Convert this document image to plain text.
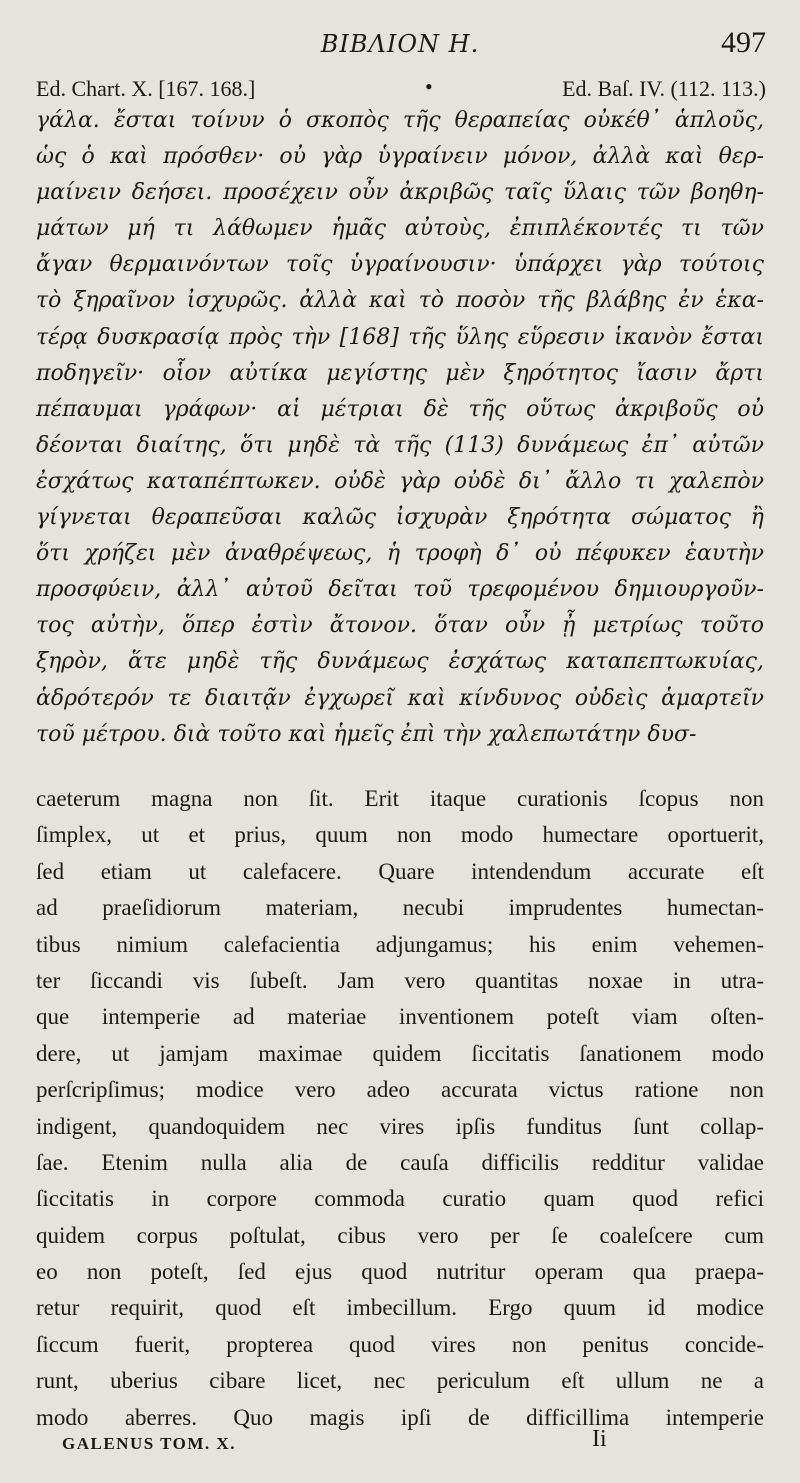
BIBΛΙΟΝ Η.	497
Ed. Chart. X. [167. 168.]	•	Ed. Baſ. IV. (112. 113.)
γάλα. ἔσται τοίνυν ὁ σκοπὸς τῆς θεραπείας οὐκέθ᾽ ἁπλοῦς,
ὡς ὁ καὶ πρόσθεν· οὐ γὰρ ὑγραίνειν μόνον, ἀλλὰ καὶ θερ-
μαίνειν δεήσει. προσέχειν οὖν ἀκριβῶς ταῖς ὕλαις τῶν βοηθη-
μάτων μή τι λάθωμεν ἡμᾶς αὐτοὺς, ἐπιπλέκοντές τι τῶν
ἄγαν θερμαινόντων τοῖς ὑγραίνουσιν· ὑπάρχει γὰρ τούτοις
τὸ ξηραῖνον ἰσχυρῶς. ἀλλὰ καὶ τὸ ποσὸν τῆς βλάβης ἐν ἑκα-
τέρᾳ δυσκρασίᾳ πρὸς τὴν [168] τῆς ὕλης εὕρεσιν ἱκανὸν ἔσται
ποδηγεῖν· οἷον αὐτίκα μεγίστης μὲν ξηρότητος ἴασιν ἄρτι
πέπαυμαι γράφων· αἱ μέτριαι δὲ τῆς οὕτως ἀκριβοῦς οὐ
δέονται διαίτης, ὅτι μηδὲ τὰ τῆς (113) δυνάμεως ἐπ᾽ αὐτῶν
ἐσχάτως καταπέπτωκεν. οὐδὲ γὰρ οὐδὲ δι᾽ ἄλλο τι χαλεπὸν
γίγνεται θεραπεῦσαι καλῶς ἰσχυρὰν ξηρότητα σώματος ἢ
ὅτι χρήζει μὲν ἀναθρέψεως, ἡ τροφὴ δ᾽ οὐ πέφυκεν ἑαυτὴν
προσφύειν, ἀλλ᾽ αὐτοῦ δεῖται τοῦ τρεφομένου δημιουργοῦν-
τος αὐτὴν, ὅπερ ἐστὶν ἄτονον. ὅταν οὖν ᾖ μετρίως τοῦτο
ξηρὸν, ἅτε μηδὲ τῆς δυνάμεως ἐσχάτως καταπεπτωκυίας,
ἁδρότερόν τε διαιτᾷν ἐγχωρεῖ καὶ κίνδυνος οὐδεὶς ἁμαρτεῖν
τοῦ μέτρου. διὰ τοῦτο καὶ ἡμεῖς ἐπὶ τὴν χαλεπωτάτην δυσ-
caeterum magna non ſit. Erit itaque curationis ſcopus non
ſimplex, ut et prius, quum non modo humectare oportuerit,
ſed etiam ut calefacere. Quare intendendum accurate eſt
ad praeſidiorum materiam, necubi imprudentes humectan-
tibus nimium calefacientia adjungamus; his enim vehemen-
ter ſiccandi vis ſubeſt. Jam vero quantitas noxae in utra-
que intemperie ad materiae inventionem poteſt viam oſten-
dere, ut jamjam maximae quidem ſiccitatis ſanationem modo
perſcripſimus; modice vero adeo accurata victus ratione non
indigent, quandoquidem nec vires ipſis funditus ſunt collap-
ſae. Etenim nulla alia de cauſa difficilis redditur validae
ſiccitatis in corpore commoda curatio quam quod refici
quidem corpus poſtulat, cibus vero per ſe coaleſcere cum
eo non poteſt, ſed ejus quod nutritur operam qua praepa-
retur requirit, quod eſt imbecillum. Ergo quum id modice
ſiccum fuerit, propterea quod vires non penitus concide-
runt, uberius cibare licet, nec periculum eſt ullum ne a
modo aberres. Quo magis ipſi de difficillima intemperie
GALENUS TOM. X.	Ii
